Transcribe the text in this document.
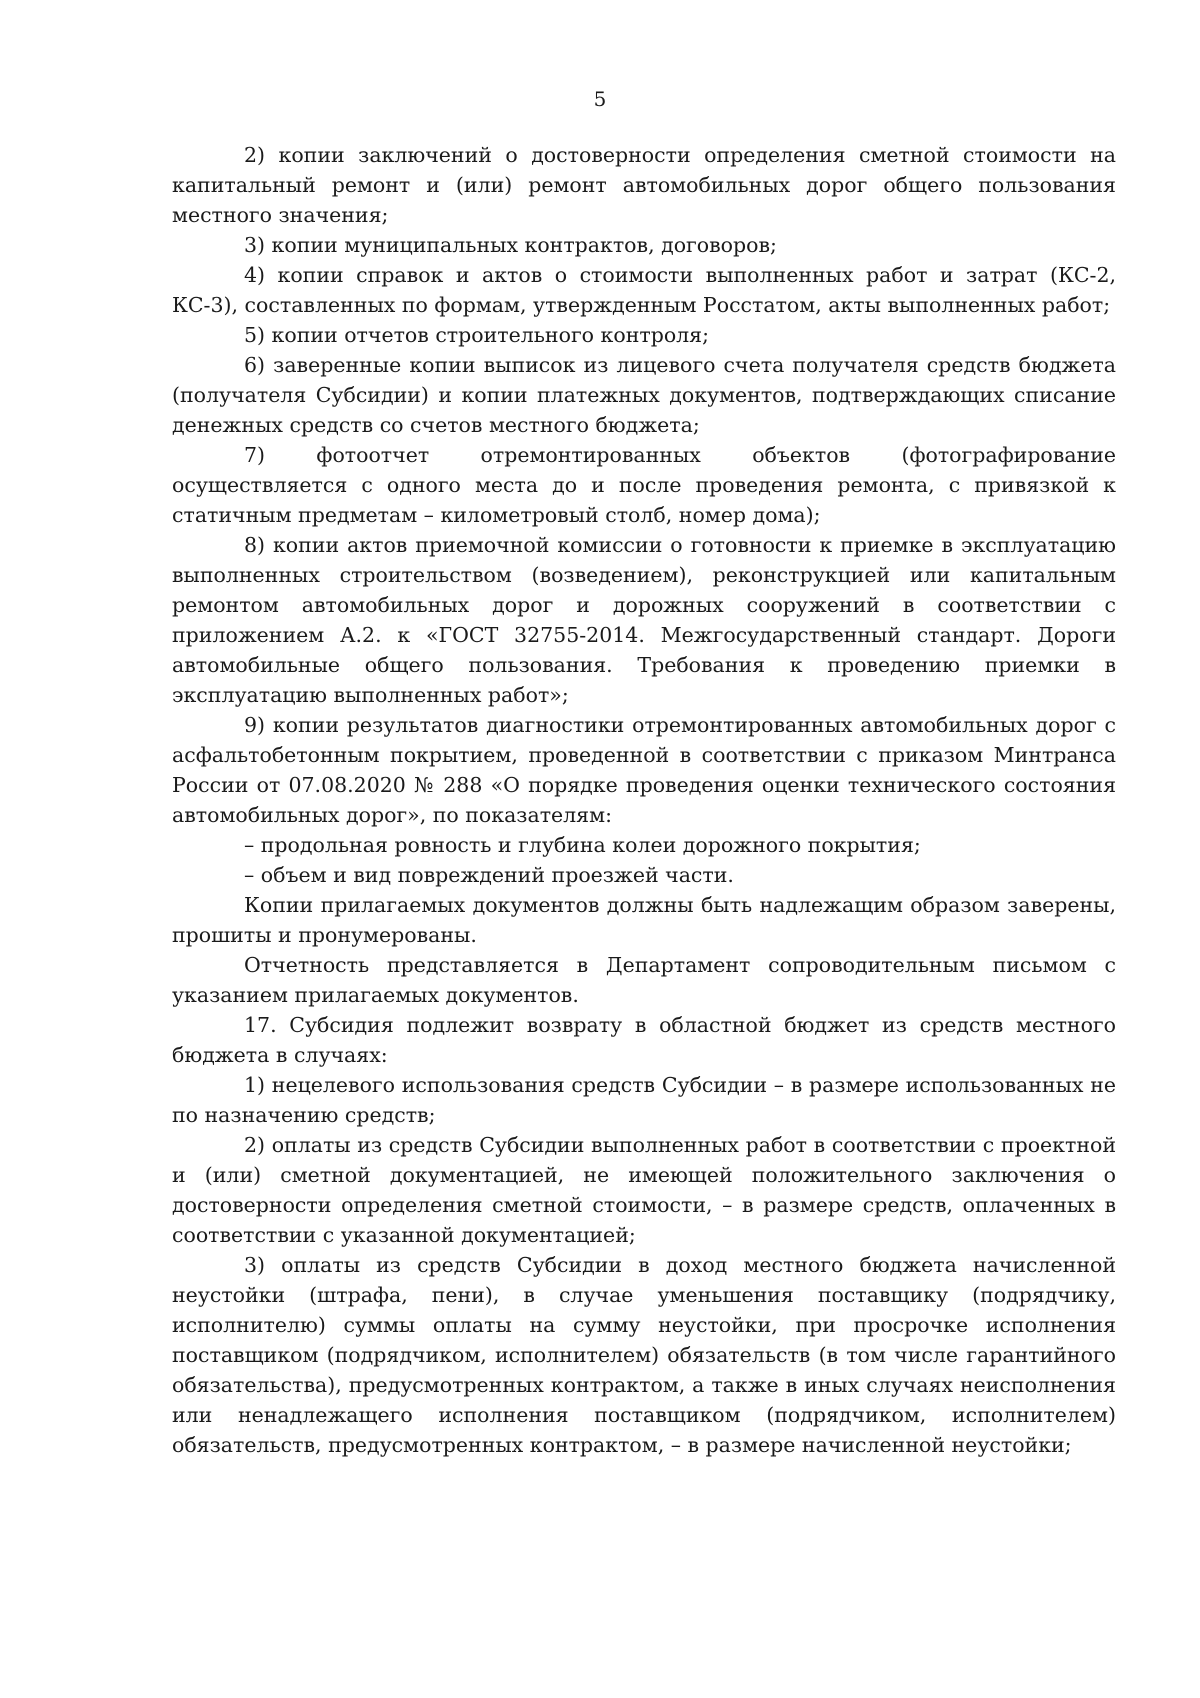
5

2) копии заключений о достоверности определения сметной стоимости на капитальный ремонт и (или) ремонт автомобильных дорог общего пользования местного значения;

3) копии муниципальных контрактов, договоров;

4) копии справок и актов о стоимости выполненных работ и затрат (КС-2, КС-3), составленных по формам, утвержденным Росстатом, акты выполненных работ;

5) копии отчетов строительного контроля;

6) заверенные копии выписок из лицевого счета получателя средств бюджета (получателя Субсидии) и копии платежных документов, подтверждающих списание денежных средств со счетов местного бюджета;

7) фотоотчет отремонтированных объектов (фотографирование осуществляется с одного места до и после проведения ремонта, с привязкой к статичным предметам – километровый столб, номер дома);

8) копии актов приемочной комиссии о готовности к приемке в эксплуатацию выполненных строительством (возведением), реконструкцией или капитальным ремонтом автомобильных дорог и дорожных сооружений в соответствии с приложением А.2. к «ГОСТ 32755-2014. Межгосударственный стандарт. Дороги автомобильные общего пользования. Требования к проведению приемки в эксплуатацию выполненных работ»;

9) копии результатов диагностики отремонтированных автомобильных дорог с асфальтобетонным покрытием, проведенной в соответствии с приказом Минтранса России от 07.08.2020 № 288 «О порядке проведения оценки технического состояния автомобильных дорог», по показателям:

– продольная ровность и глубина колеи дорожного покрытия;

– объем и вид повреждений проезжей части.

Копии прилагаемых документов должны быть надлежащим образом заверены, прошиты и пронумерованы.

Отчетность представляется в Департамент сопроводительным письмом с указанием прилагаемых документов.

17. Субсидия подлежит возврату в областной бюджет из средств местного бюджета в случаях:

1) нецелевого использования средств Субсидии – в размере использованных не по назначению средств;

2) оплаты из средств Субсидии выполненных работ в соответствии с проектной и (или) сметной документацией, не имеющей положительного заключения о достоверности определения сметной стоимости, – в размере средств, оплаченных в соответствии с указанной документацией;

3) оплаты из средств Субсидии в доход местного бюджета начисленной неустойки (штрафа, пени), в случае уменьшения поставщику (подрядчику, исполнителю) суммы оплаты на сумму неустойки, при просрочке исполнения поставщиком (подрядчиком, исполнителем) обязательств (в том числе гарантийного обязательства), предусмотренных контрактом, а также в иных случаях неисполнения или ненадлежащего исполнения поставщиком (подрядчиком, исполнителем) обязательств, предусмотренных контрактом, – в размере начисленной неустойки;
